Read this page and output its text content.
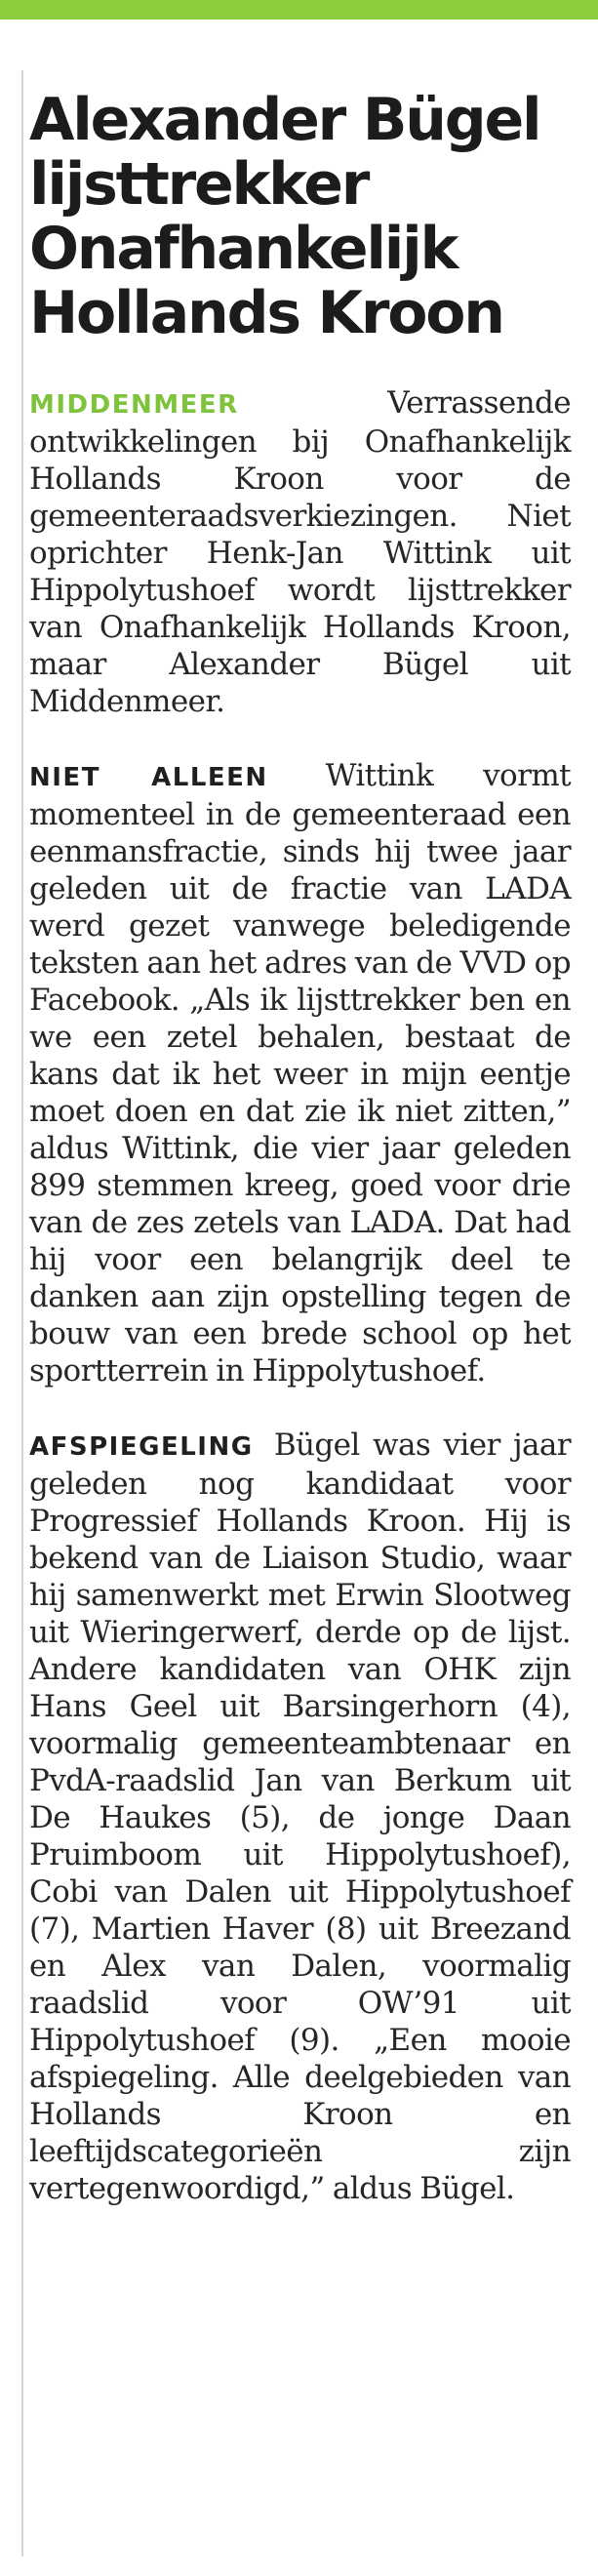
Alexander Bügel
lijsttrekker
Onafhankelijk
Hollands Kroon

MIDDENMEER	Verrassende ontwikkelingen bij Onafhankelijk Hollands Kroon voor de gemeenteraadsverkiezingen. Niet oprichter Henk-Jan Wittink uit Hippolytushoef wordt lijsttrekker van Onafhankelijk Hollands Kroon, maar Alexander Bügel uit Middenmeer.

NIET ALLEEN Wittink vormt momenteel in de gemeenteraad een eenmansfractie, sinds hij twee jaar geleden uit de fractie van LADA werd gezet vanwege beledigende teksten aan het adres van de VVD op Facebook. „Als ik lijsttrekker ben en we een zetel behalen, bestaat de kans dat ik het weer in mijn eentje moet doen en dat zie ik niet zitten,” aldus Wittink, die vier jaar geleden 899 stemmen kreeg, goed voor drie van de zes zetels van LADA. Dat had hij voor een belangrijk deel te danken aan zijn opstelling tegen de bouw van een brede school op het sportterrein in Hippolytushoef.

AFSPIEGELING Bügel was vier jaar geleden nog kandidaat voor Progressief Hollands Kroon. Hij is bekend van de Liaison Studio, waar hij samenwerkt met Erwin Slootweg uit Wieringerwerf, derde op de lijst. Andere kandidaten van OHK zijn Hans Geel uit Barsingerhorn (4), voormalig gemeenteambtenaar en PvdA-raadslid Jan van Berkum uit De Haukes (5), de jonge Daan Pruimboom uit Hippolytushoef), Cobi van Dalen uit Hippolytushoef (7), Martien Haver (8) uit Breezand en Alex van Dalen, voormalig raadslid voor OW’91 uit Hippolytushoef (9). „Een mooie afspiegeling. Alle deelgebieden van Hollands Kroon en leeftijdscategorieën zijn vertegenwoordigd,” aldus Bügel.
